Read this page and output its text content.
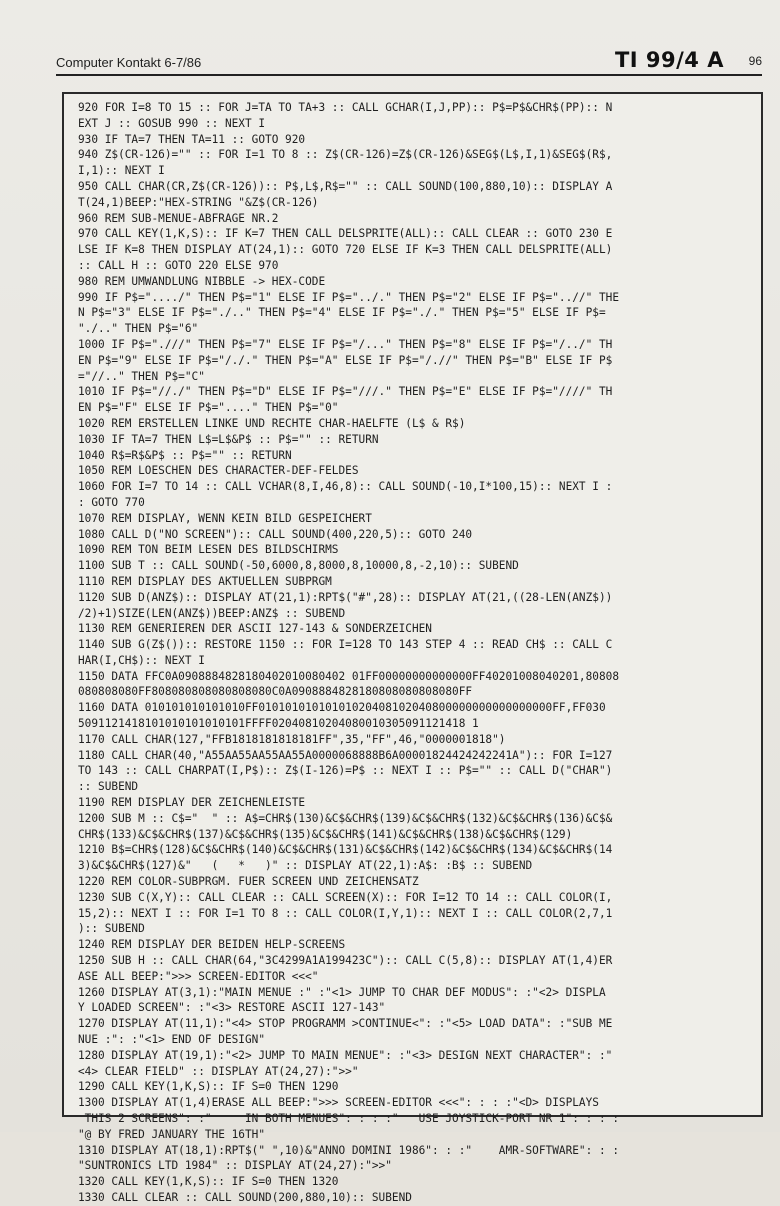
Computer Kontakt 6-7/86	TI 99/4 A 96
920 FOR I=8 TO 15 :: FOR J=TA TO TA+3 :: CALL GCHAR(I,J,PP):: P$=P$&CHR$(PP):: N
EXT J :: GOSUB 990 :: NEXT I
930 IF TA=7 THEN TA=11 :: GOTO 920
940 Z$(CR-126)="" :: FOR I=1 TO 8 :: Z$(CR-126)=Z$(CR-126)&SEG$(L$,I,1)&SEG$(R$,
I,1):: NEXT I
950 CALL CHAR(CR,Z$(CR-126)):: P$,L$,R$="" :: CALL SOUND(100,880,10):: DISPLAY A
T(24,1)BEEP:"HEX-STRING "&Z$(CR-126)
960 REM SUB-MENUE-ABFRAGE NR.2
970 CALL KEY(1,K,S):: IF K=7 THEN CALL DELSPRITE(ALL):: CALL CLEAR :: GOTO 230 E
LSE IF K=8 THEN DISPLAY AT(24,1):: GOTO 720 ELSE IF K=3 THEN CALL DELSPRITE(ALL)
:: CALL H :: GOTO 220 ELSE 970
980 REM UMWANDLUNG NIBBLE -> HEX-CODE
990 IF P$="..../" THEN P$="1" ELSE IF P$="../." THEN P$="2" ELSE IF P$="..//" THE
N P$="3" ELSE IF P$="./.." THEN P$="4" ELSE IF P$="./." THEN P$="5" ELSE IF P$=
"./.." THEN P$="6"
1000 IF P$=".///" THEN P$="7" ELSE IF P$="/..." THEN P$="8" ELSE IF P$="/../" TH
EN P$="9" ELSE IF P$="/./." THEN P$="A" ELSE IF P$="/.//" THEN P$="B" ELSE IF P$
="//.." THEN P$="C"
1010 IF P$="//./" THEN P$="D" ELSE IF P$="///." THEN P$="E" ELSE IF P$="////" TH
EN P$="F" ELSE IF P$="...." THEN P$="0"
1020 REM ERSTELLEN LINKE UND RECHTE CHAR-HAELFTE (L$ & R$)
1030 IF TA=7 THEN L$=L$&P$ :: P$="" :: RETURN
1040 R$=R$&P$ :: P$="" :: RETURN
1050 REM LOESCHEN DES CHARACTER-DEF-FELDES
1060 FOR I=7 TO 14 :: CALL VCHAR(8,I,46,8):: CALL SOUND(-10,I*100,15):: NEXT I :
: GOTO 770
1070 REM DISPLAY, WENN KEIN BILD GESPEICHERT
1080 CALL D("NO SCREEN"):: CALL SOUND(400,220,5):: GOTO 240
1090 REM TON BEIM LESEN DES BILDSCHIRMS
1100 SUB T :: CALL SOUND(-50,6000,8,8000,8,10000,8,-2,10):: SUBEND
1110 REM DISPLAY DES AKTUELLEN SUBPRGM
1120 SUB D(ANZ$):: DISPLAY AT(21,1):RPT$("#",28):: DISPLAY AT(21,((28-LEN(ANZ$))
/2)+1)SIZE(LEN(ANZ$))BEEP:ANZ$ :: SUBEND
1130 REM GENERIEREN DER ASCII 127-143 & SONDERZEICHEN
1140 SUB G(Z$()):: RESTORE 1150 :: FOR I=128 TO 143 STEP 4 :: READ CH$ :: CALL C
HAR(I,CH$):: NEXT I
1150 DATA FFC0A0908884828180402010080402 01FF00000000000000FF40201008040201,80808
080808080FF808080808080808080C0A0908884828180808080808080FF
1160 DATA 010101010101010FF01010101010101020408102040800000000000000000FF,FF030
5091121418101010101010101FFFF02040810204080010305091121418 1
1170 CALL CHAR(127,"FFB1818181818181FF",35,"FF",46,"0000001818")
1180 CALL CHAR(40,"A55AA55AA55AA55A0000068888B6A00001824424242241A"):: FOR I=127
TO 143 :: CALL CHARPAT(I,P$):: Z$(I-126)=P$ :: NEXT I :: P$="" :: CALL D("CHAR")
:: SUBEND
1190 REM DISPLAY DER ZEICHENLEISTE
1200 SUB M :: C$="  " :: A$=CHR$(130)&C$&CHR$(139)&C$&CHR$(132)&C$&CHR$(136)&C$&
CHR$(133)&C$&CHR$(137)&C$&CHR$(135)&C$&CHR$(141)&C$&CHR$(138)&C$&CHR$(129)
1210 B$=CHR$(128)&C$&CHR$(140)&C$&CHR$(131)&C$&CHR$(142)&C$&CHR$(134)&C$&CHR$(14
3)&C$&CHR$(127)&"   (   *   )" :: DISPLAY AT(22,1):A$: :B$ :: SUBEND
1220 REM COLOR-SUBPRGM. FUER SCREEN UND ZEICHENSATZ
1230 SUB C(X,Y):: CALL CLEAR :: CALL SCREEN(X):: FOR I=12 TO 14 :: CALL COLOR(I,
15,2):: NEXT I :: FOR I=1 TO 8 :: CALL COLOR(I,Y,1):: NEXT I :: CALL COLOR(2,7,1
):: SUBEND
1240 REM DISPLAY DER BEIDEN HELP-SCREENS
1250 SUB H :: CALL CHAR(64,"3C4299A1A199423C"):: CALL C(5,8):: DISPLAY AT(1,4)ER
ASE ALL BEEP:">>> SCREEN-EDITOR <<<"
1260 DISPLAY AT(3,1):"MAIN MENUE :" :"<1> JUMP TO CHAR DEF MODUS": :"<2> DISPLA
Y LOADED SCREEN": :"<3> RESTORE ASCII 127-143"
1270 DISPLAY AT(11,1):"<4> STOP PROGRAMM >CONTINUE<": :"<5> LOAD DATA": :"SUB ME
NUE :": :"<1> END OF DESIGN"
1280 DISPLAY AT(19,1):"<2> JUMP TO MAIN MENUE": :"<3> DESIGN NEXT CHARACTER": :"
<4> CLEAR FIELD" :: DISPLAY AT(24,27):">>"
1290 CALL KEY(1,K,S):: IF S=0 THEN 1290
1300 DISPLAY AT(1,4)ERASE ALL BEEP:">>> SCREEN-EDITOR <<<": : : :"<D> DISPLAYS
THIS 2 SCREENS": :"     IN BOTH MENUES": : : :"   USE JOYSTICK-PORT NR 1": : : :
"@ BY FRED JANUARY THE 16TH"
1310 DISPLAY AT(18,1):RPT$(" ",10)&"ANNO DOMINI 1986": : :"    AMR-SOFTWARE": : :
"SUNTRONICS LTD 1984" :: DISPLAY AT(24,27):">>"
1320 CALL KEY(1,K,S):: IF S=0 THEN 1320
1330 CALL CLEAR :: CALL SOUND(200,880,10):: SUBEND
